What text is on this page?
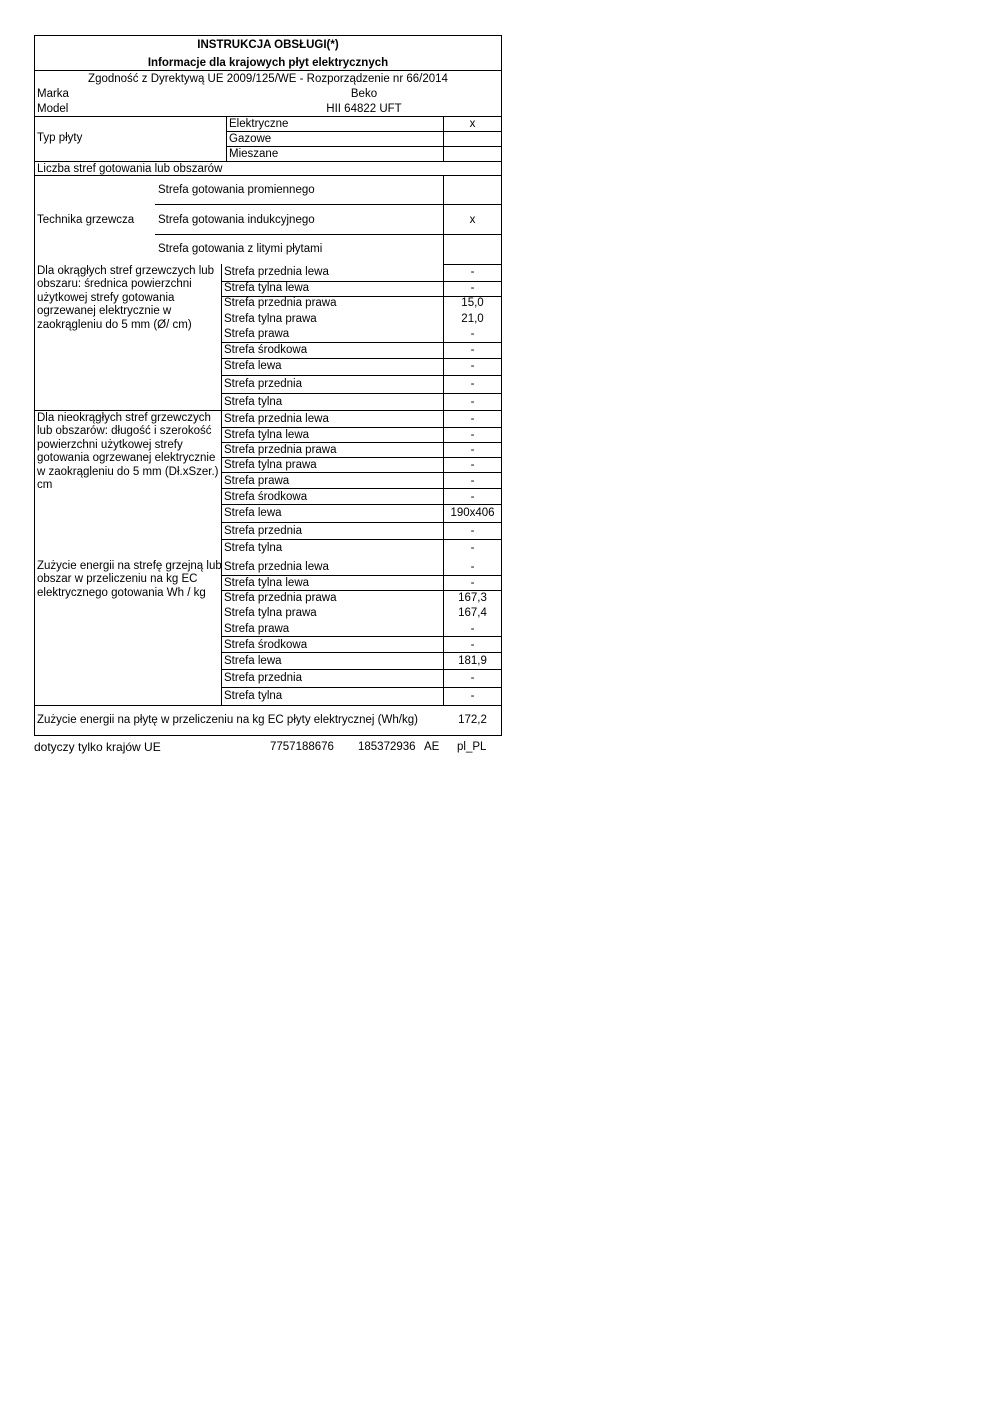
INSTRUKCJA OBSŁUGI(*)
Informacje dla krajowych płyt elektrycznych
Zgodność z Dyrektywą UE 2009/125/WE - Rozporządzenie nr 66/2014
Marka	Beko
Model	HII 64822 UFT
Typ płyty
Elektryczne	x
Gazowe
Mieszane
Liczba stref gotowania lub obszarów
Technika grzewcza
Strefa gotowania promiennego
Strefa gotowania indukcyjnego	x
Strefa gotowania z litymi płytami
Dla okrągłych stref grzewczych lub obszaru: średnica powierzchni użytkowej strefy gotowania ogrzewanej elektrycznie w zaokrągleniu do 5 mm (Ø/ cm)
Strefa przednia lewa	-
Strefa tylna lewa	-
Strefa przednia prawa	15,0
Strefa tylna prawa	21,0
Strefa prawa	-
Strefa środkowa	-
Strefa lewa	-
Strefa przednia	-
Strefa tylna	-
Dla nieokrągłych stref grzewczych lub obszarów: długość i szerokość powierzchni użytkowej strefy gotowania ogrzewanej elektrycznie w zaokrągleniu do 5 mm (Dł.xSzer.) cm
Strefa przednia lewa	-
Strefa tylna lewa	-
Strefa przednia prawa	-
Strefa tylna prawa	-
Strefa prawa	-
Strefa środkowa	-
Strefa lewa	190x406
Strefa przednia	-
Strefa tylna	-
Zużycie energii na strefę grzejną lub obszar w przeliczeniu na kg EC elektrycznego gotowania Wh / kg
Strefa przednia lewa	-
Strefa tylna lewa	-
Strefa przednia prawa	167,3
Strefa tylna prawa	167,4
Strefa prawa	-
Strefa środkowa	-
Strefa lewa	181,9
Strefa przednia	-
Strefa tylna	-
Zużycie energii na płytę w przeliczeniu na kg EC płyty elektrycznej (Wh/kg)	172,2
dotyczy tylko krajów UE	7757188676 185372936 AE pl_PL
